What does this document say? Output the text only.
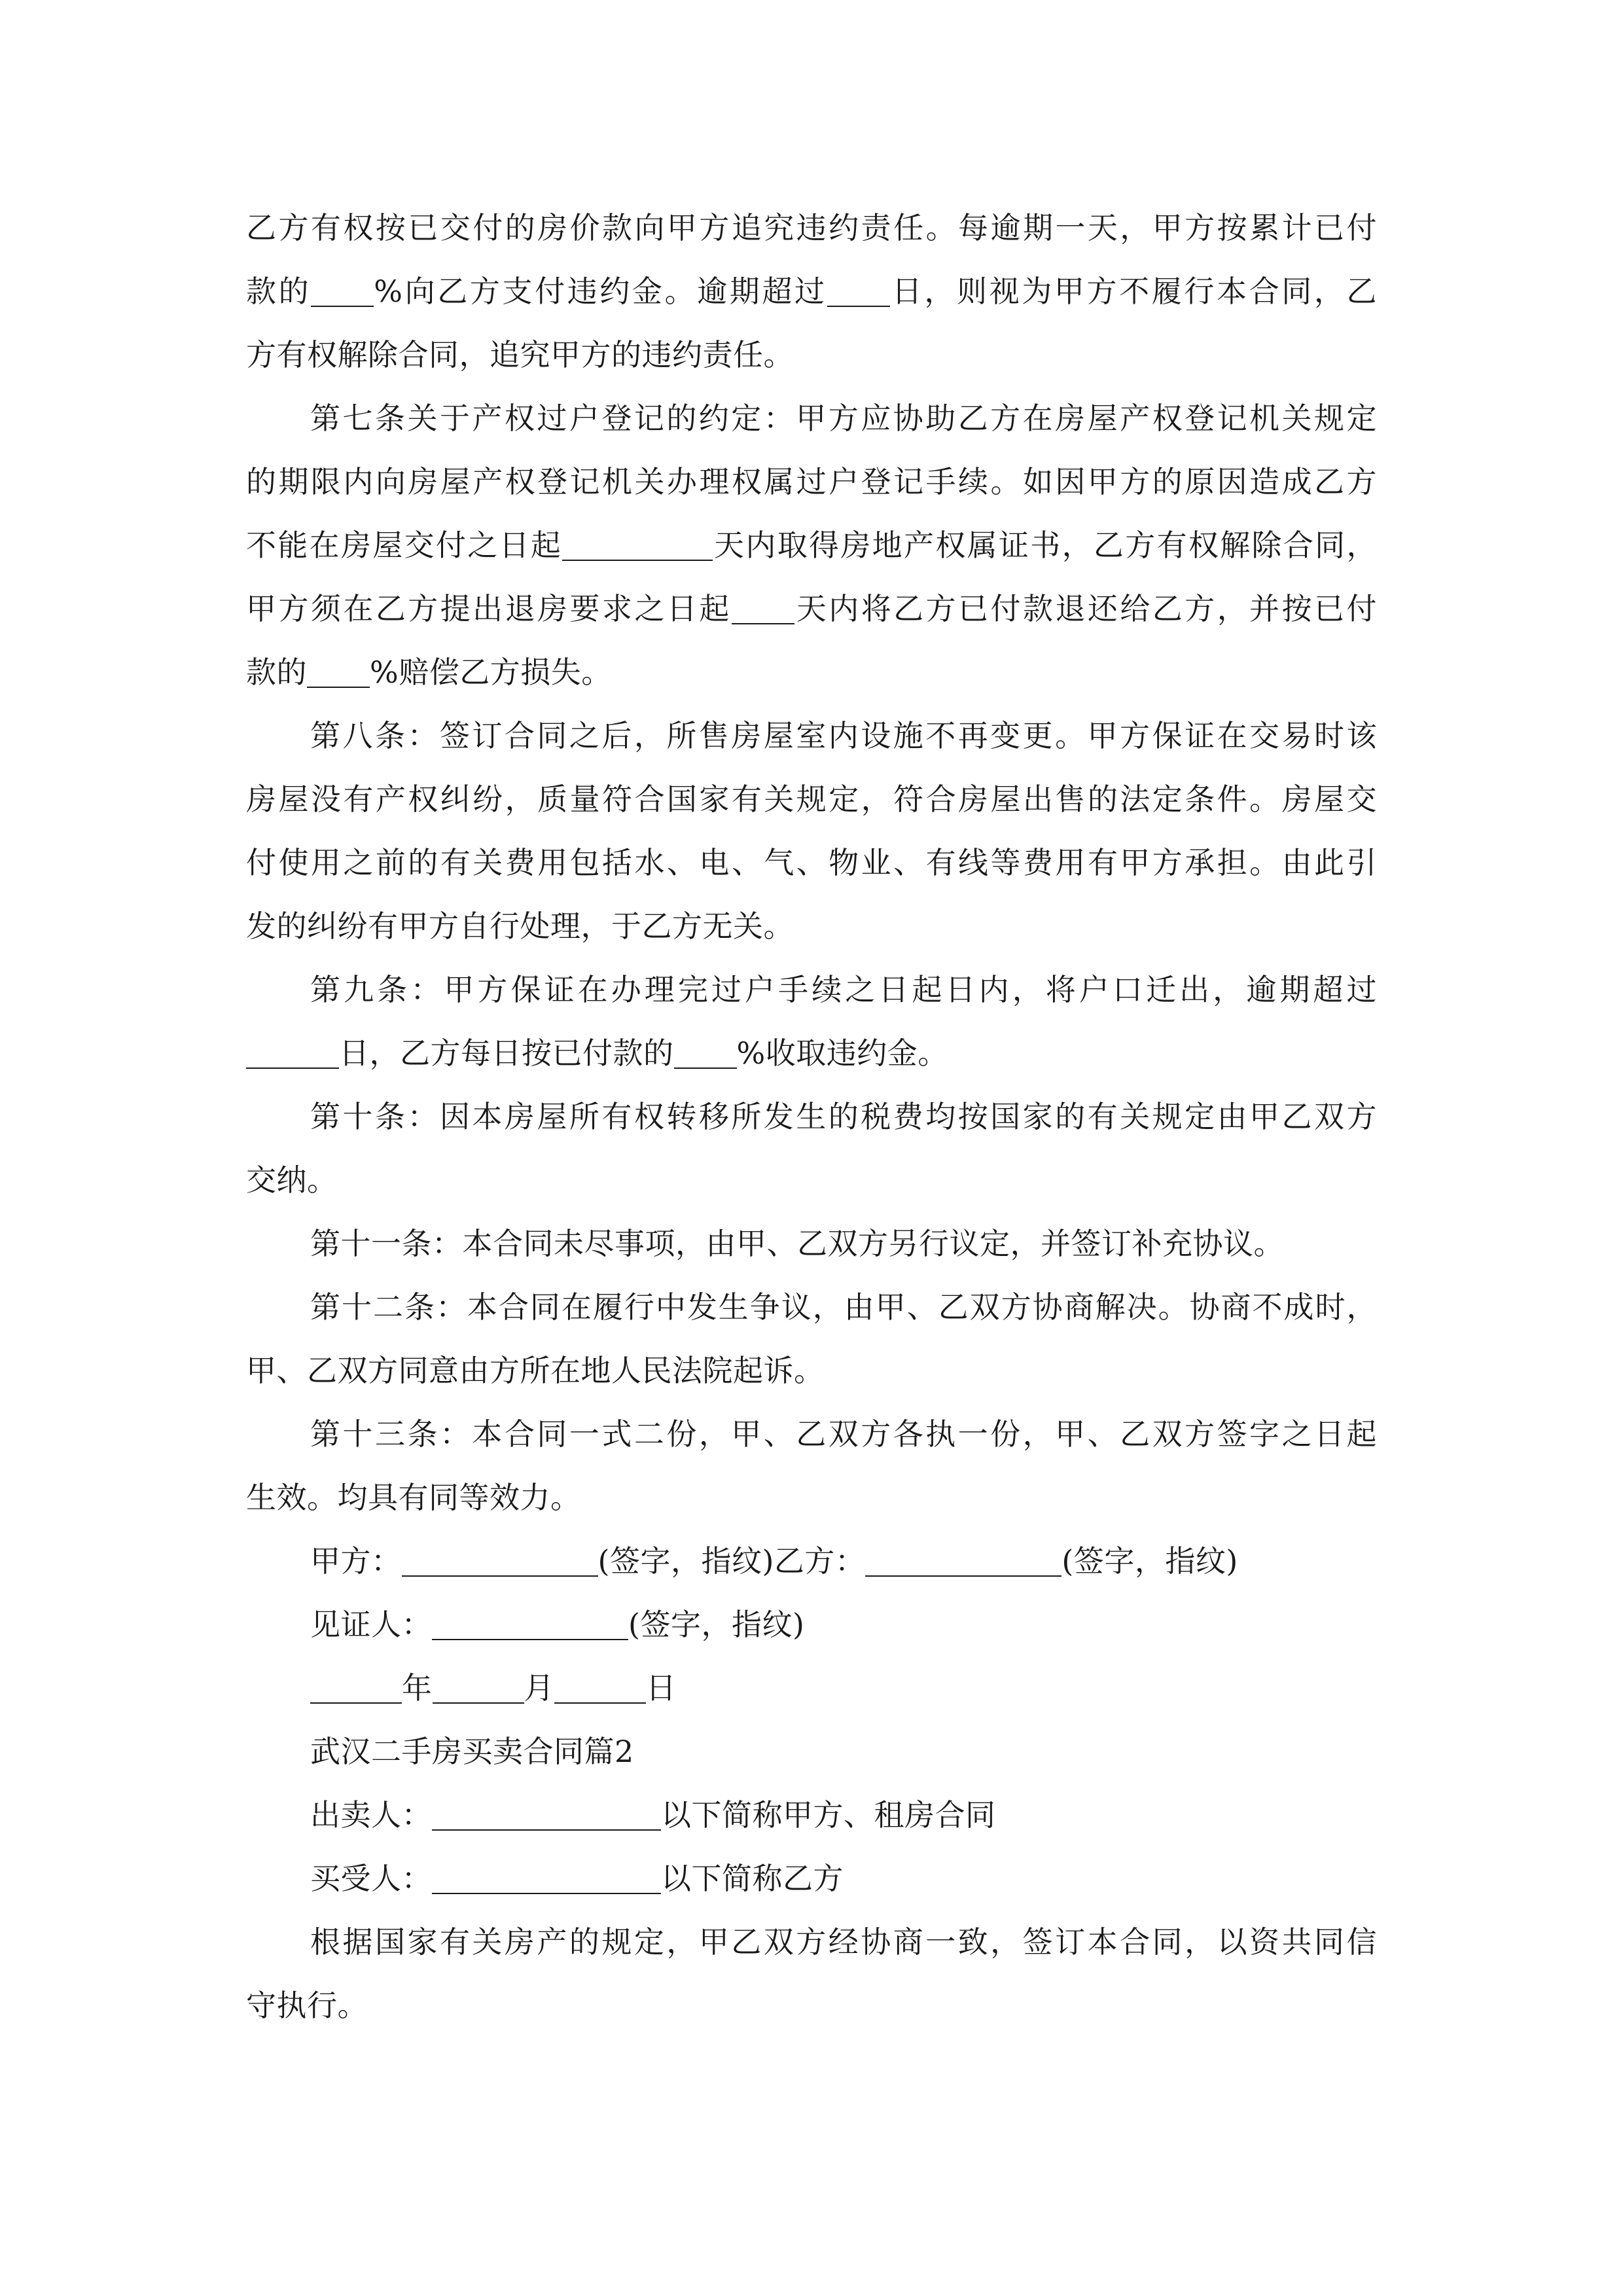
乙方有权按已交付的房价款向甲方追究违约责任。每逾期一天，甲方按累计已付
款的 %向乙方支付违约金。逾期超过 日，则视为甲方不履行本合同，乙
方有权解除合同，追究甲方的违约责任。
第七条关于产权过户登记的约定：甲方应协助乙方在房屋产权登记机关规定
的期限内向房屋产权登记机关办理权属过户登记手续。如因甲方的原因造成乙方
不能在房屋交付之日起	天内取得房地产权属证书，乙方有权解除合同，
甲方须在乙方提出退房要求之日起 天内将乙方已付款退还给乙方，并按已付
款的 %赔偿乙方损失。
第八条：签订合同之后，所售房屋室内设施不再变更。甲方保证在交易时该
房屋没有产权纠纷，质量符合国家有关规定，符合房屋出售的法定条件。房屋交
付使用之前的有关费用包括水、电、气、物业、有线等费用有甲方承担。由此引
发的纠纷有甲方自行处理，于乙方无关。
第九条：甲方保证在办理完过户手续之日起日内，将户口迁出，逾期超过
日，乙方每日按已付款的 %收取违约金。
第十条：因本房屋所有权转移所发生的税费均按国家的有关规定由甲乙双方
交纳。
第十一条：本合同未尽事项，由甲、乙双方另行议定，并签订补充协议。
第十二条：本合同在履行中发生争议，由甲、乙双方协商解决。协商不成时，
甲、乙双方同意由方所在地人民法院起诉。
第十三条：本合同一式二份，甲、乙双方各执一份，甲、乙双方签字之日起
生效。均具有同等效力。
甲方：	(签字，指纹)乙方：	(签字，指纹)
见证人：	(签字，指纹)
年	月	日
武汉二手房买卖合同篇2
出卖人：	以下简称甲方、租房合同
买受人：	以下简称乙方
根据国家有关房产的规定，甲乙双方经协商一致，签订本合同，以资共同信
守执行。
